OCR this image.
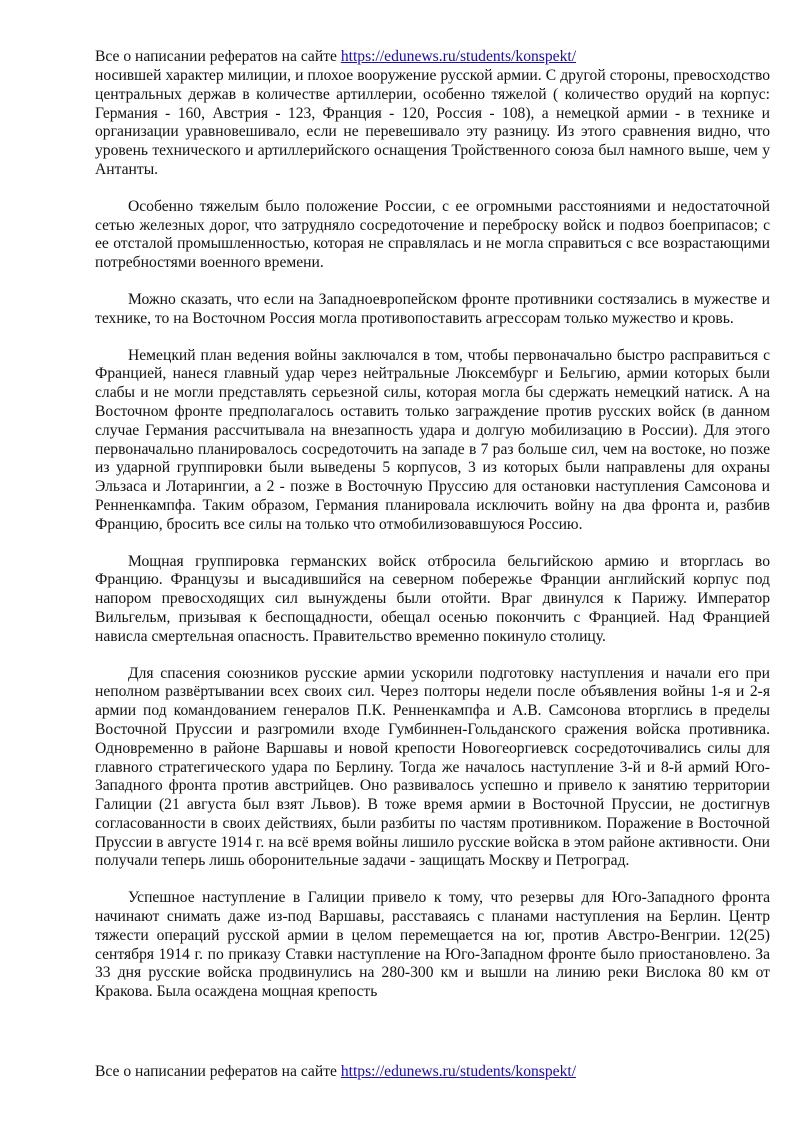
Все о написании рефератов на сайте https://edunews.ru/students/konspekt/

носившей характер милиции, и плохое вооружение русской армии. С другой стороны, превосходство центральных держав в количестве артиллерии, особенно тяжелой ( количество орудий на корпус: Германия - 160, Австрия - 123, Франция - 120, Россия - 108), а немецкой армии - в технике и организации уравновешивало, если не перевешивало эту разницу. Из этого сравнения видно, что уровень технического и артиллерийского оснащения Тройственного союза был намного выше, чем у Антанты.

Особенно тяжелым было положение России, с ее огромными расстояниями и недостаточной сетью железных дорог, что затрудняло сосредоточение и переброску войск и подвоз боеприпасов; с ее отсталой промышленностью, которая не справлялась и не могла справиться с все возрастающими потребностями военного времени.

Можно сказать, что если на Западноевропейском фронте противники состязались в мужестве и технике, то на Восточном Россия могла противопоставить агрессорам только мужество и кровь.

Немецкий план ведения войны заключался в том, чтобы первоначально быстро расправиться с Францией, нанеся главный удар через нейтральные Люксембург и Бельгию, армии которых были слабы и не могли представлять серьезной силы, которая могла бы сдержать немецкий натиск. А на Восточном фронте предполагалось оставить только заграждение против русских войск (в данном случае Германия рассчитывала на внезапность удара и долгую мобилизацию в России). Для этого первоначально планировалось сосредоточить на западе в 7 раз больше сил, чем на востоке, но позже из ударной группировки были выведены 5 корпусов, 3 из которых были направлены для охраны Эльзаса и Лотарингии, а 2 - позже в Восточную Пруссию для остановки наступления Самсонова и Ренненкампфа. Таким образом, Германия планировала исключить войну на два фронта и, разбив Францию, бросить все силы на только что отмобилизовавшуюся Россию.

Мощная группировка германских войск отбросила бельгийскою армию и вторглась во Францию. Французы и высадившийся на северном побережье Франции английский корпус под напором превосходящих сил вынуждены были отойти. Враг двинулся к Парижу. Император Вильгельм, призывая к беспощадности, обещал осенью покончить с Францией. Над Францией нависла смертельная опасность. Правительство временно покинуло столицу.

Для спасения союзников русские армии ускорили подготовку наступления и начали его при неполном развёртывании всех своих сил. Через полторы недели после объявления войны 1-я и 2-я армии под командованием генералов П.К. Ренненкампфа и А.В. Самсонова вторглись в пределы Восточной Пруссии и разгромили входе Гумбиннен-Гольданского сражения войска противника. Одновременно в районе Варшавы и новой крепости Новогеоргиевск сосредоточивались силы для главного стратегического удара по Берлину. Тогда же началось наступление 3-й и 8-й армий Юго-Западного фронта против австрийцев. Оно развивалось успешно и привело к занятию территории Галиции (21 августа был взят Львов). В тоже время армии в Восточной Пруссии, не достигнув согласованности в своих действиях, были разбиты по частям противником. Поражение в Восточной Пруссии в августе 1914 г. на всё время войны лишило русские войска в этом районе активности. Они получали теперь лишь оборонительные задачи - защищать Москву и Петроград.

Успешное наступление в Галиции привело к тому, что резервы для Юго-Западного фронта начинают снимать даже из-под Варшавы, расставаясь с планами наступления на Берлин. Центр тяжести операций русской армии в целом перемещается на юг, против Австро-Венгрии. 12(25) сентября 1914 г. по приказу Ставки наступление на Юго-Западном фронте было приостановлено. За 33 дня русские войска продвинулись на 280-300 км и вышли на линию реки Вислока 80 км от Кракова. Была осаждена мощная крепость

Все о написании рефератов на сайте https://edunews.ru/students/konspekt/
